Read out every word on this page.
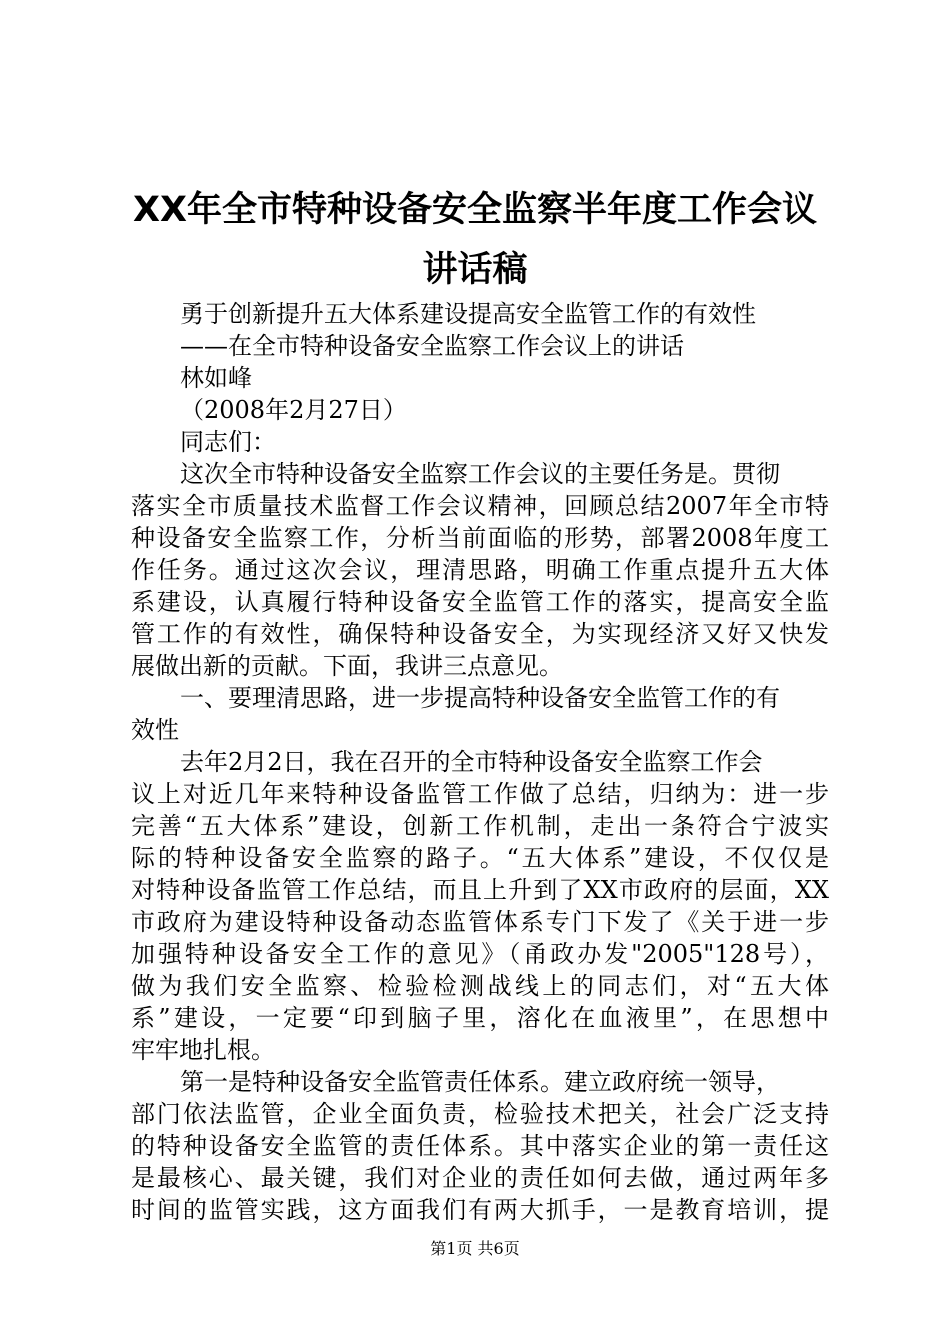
XX年全市特种设备安全监察半年度工作会议
讲话稿
勇于创新提升五大体系建设提高安全监管工作的有效性
——在全市特种设备安全监察工作会议上的讲话
林如峰
（2008年2月27日）
同志们：
这次全市特种设备安全监察工作会议的主要任务是。贯彻
落实全市质量技术监督工作会议精神，回顾总结2007年全市特
种设备安全监察工作，分析当前面临的形势，部署2008年度工
作任务。通过这次会议，理清思路，明确工作重点提升五大体
系建设，认真履行特种设备安全监管工作的落实，提高安全监
管工作的有效性，确保特种设备安全，为实现经济又好又快发
展做出新的贡献。下面，我讲三点意见。
一、要理清思路，进一步提高特种设备安全监管工作的有
效性
去年2月2日，我在召开的全市特种设备安全监察工作会
议上对近几年来特种设备监管工作做了总结，归纳为：进一步
完善“五大体系”建设，创新工作机制，走出一条符合宁波实
际的特种设备安全监察的路子。“五大体系”建设，不仅仅是
对特种设备监管工作总结，而且上升到了XX市政府的层面，XX
市政府为建设特种设备动态监管体系专门下发了《关于进一步
加强特种设备安全工作的意见》（甬政办发"2005"128号），
做为我们安全监察、检验检测战线上的同志们，对“五大体
系”建设，一定要“印到脑子里，溶化在血液里”，在思想中
牢牢地扎根。
第一是特种设备安全监管责任体系。建立政府统一领导，
部门依法监管，企业全面负责，检验技术把关，社会广泛支持
的特种设备安全监管的责任体系。其中落实企业的第一责任这
是最核心、最关键，我们对企业的责任如何去做，通过两年多
时间的监管实践，这方面我们有两大抓手，一是教育培训，提
第1页 共6页
